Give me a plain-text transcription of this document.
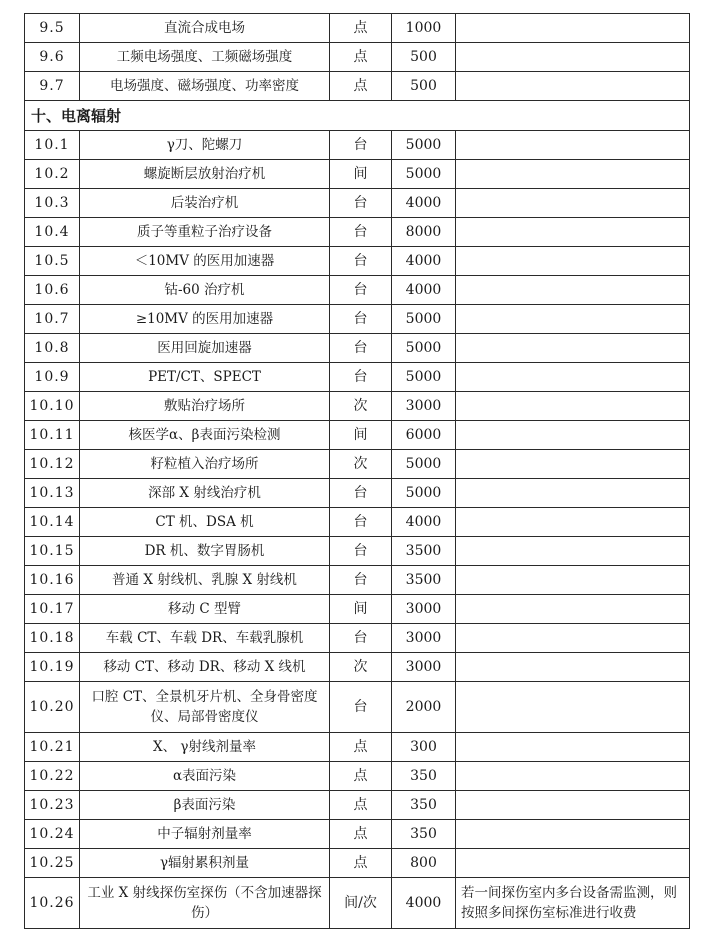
9.5	直流合成电场	点	1000	
9.6	工频电场强度、工频磁场强度	点	500	
9.7	电场强度、磁场强度、功率密度	点	500	
十、电离辐射				
10.1	γ刀、陀螺刀	台	5000	
10.2	螺旋断层放射治疗机	间	5000	
10.3	后装治疗机	台	4000	
10.4	质子等重粒子治疗设备	台	8000	
10.5	＜10MV 的医用加速器	台	4000	
10.6	钴-60 治疗机	台	4000	
10.7	≥10MV 的医用加速器	台	5000	
10.8	医用回旋加速器	台	5000	
10.9	PET/CT、SPECT	台	5000	
10.10	敷贴治疗场所	次	3000	
10.11	核医学α、β表面污染检测	间	6000	
10.12	籽粒植入治疗场所	次	5000	
10.13	深部 X 射线治疗机	台	5000	
10.14	CT 机、DSA 机	台	4000	
10.15	DR 机、数字胃肠机	台	3500	
10.16	普通 X 射线机、乳腺 X 射线机	台	3500	
10.17	移动 C 型臂	间	3000	
10.18	车载 CT、车载 DR、车载乳腺机	台	3000	
10.19	移动 CT、移动 DR、移动 X 线机	次	3000	
10.20	口腔 CT、全景机牙片机、全身骨密度仪、局部骨密度仪	台	2000	
10.21	X、 γ射线剂量率	点	300	
10.22	α表面污染	点	350	
10.23	β表面污染	点	350	
10.24	中子辐射剂量率	点	350	
10.25	γ辐射累积剂量	点	800	
10.26	工业 X 射线探伤室探伤（不含加速器探伤）	间/次	4000	若一间探伤室内多台设备需监测，则按照多间探伤室标准进行收费
